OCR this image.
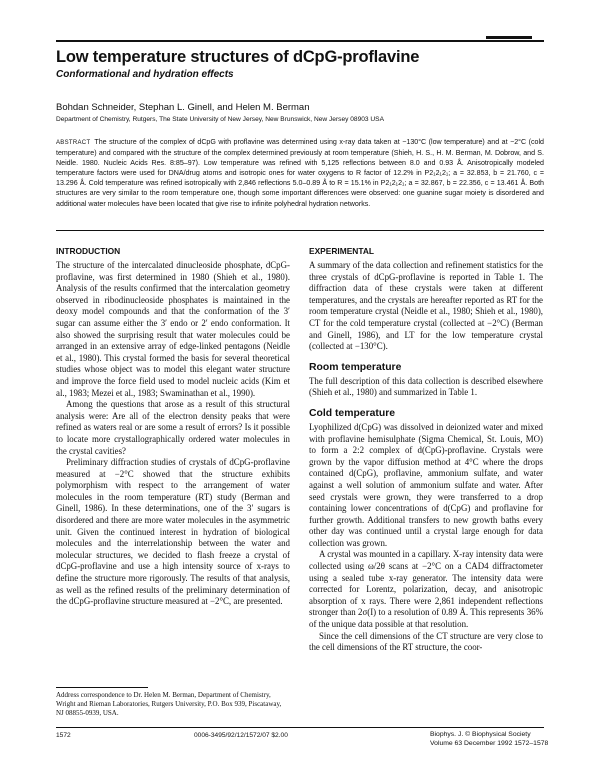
Low temperature structures of dCpG-proflavine
Conformational and hydration effects
Bohdan Schneider, Stephan L. Ginell, and Helen M. Berman
Department of Chemistry, Rutgers, The State University of New Jersey, New Brunswick, New Jersey 08903 USA
ABSTRACT The structure of the complex of dCpG with proflavine was determined using x-ray data taken at −130°C (low temperature) and at −2°C (cold temperature) and compared with the structure of the complex determined previously at room temperature (Shieh, H. S., H. M. Berman, M. Dobrow, and S. Neidle. 1980. Nucleic Acids Res. 8:85–97). Low temperature was refined with 5,125 reflections between 8.0 and 0.93 Å. Anisotropically modeled temperature factors were used for DNA/drug atoms and isotropic ones for water oxygens to R factor of 12.2% in P2₁2₁2₁; a = 32.853, b = 21.760, c = 13.296 Å. Cold temperature was refined isotropically with 2,846 reflections 5.0–0.89 Å to R = 15.1% in P2₁2₁2₁; a = 32.867, b = 22.356, c = 13.461 Å. Both structures are very similar to the room temperature one, though some important differences were observed: one guanine sugar moiety is disordered and additional water molecules have been located that give rise to infinite polyhedral hydration networks.
INTRODUCTION

The structure of the intercalated dinucleoside phosphate, dCpG-proflavine, was first determined in 1980 (Shieh et al., 1980). Analysis of the results confirmed that the intercalation geometry observed in ribodinucleoside phosphates is maintained in the deoxy model compounds and that the conformation of the 3′ sugar can assume either the 3′ endo or 2′ endo conformation. It also showed the surprising result that water molecules could be arranged in an extensive array of edge-linked pentagons (Neidle et al., 1980). This crystal formed the basis for several theoretical studies whose object was to model this elegant water structure and improve the force field used to model nucleic acids (Kim et al., 1983; Mezei et al., 1983; Swaminathan et al., 1990).

Among the questions that arose as a result of this structural analysis were: Are all of the electron density peaks that were refined as waters real or are some a result of errors? Is it possible to locate more crystallographically ordered water molecules in the crystal cavities?

Preliminary diffraction studies of crystals of dCpG-proflavine measured at −2°C showed that the structure exhibits polymorphism with respect to the arrangement of water molecules in the room temperature (RT) study (Berman and Ginell, 1986). In these determinations, one of the 3′ sugars is disordered and there are more water molecules in the asymmetric unit. Given the continued interest in hydration of biological molecules and the interrelationship between the water and molecular structures, we decided to flash freeze a crystal of dCpG-proflavine and use a high intensity source of x-rays to define the structure more rigorously. The results of that analysis, as well as the refined results of the preliminary determination of the dCpG-proflavine structure measured at −2°C, are presented.

Address correspondence to Dr. Helen M. Berman, Department of Chemistry, Wright and Rieman Laboratories, Rutgers University, P.O. Box 939, Piscataway, NJ 08855-0939, USA.
EXPERIMENTAL

A summary of the data collection and refinement statistics for the three crystals of dCpG-proflavine is reported in Table 1. The diffraction data of these crystals were taken at different temperatures, and the crystals are hereafter reported as RT for the room temperature crystal (Neidle et al., 1980; Shieh et al., 1980), CT for the cold temperature crystal (collected at −2°C) (Berman and Ginell, 1986), and LT for the low temperature crystal (collected at −130°C).

Room temperature

The full description of this data collection is described elsewhere (Shieh et al., 1980) and summarized in Table 1.

Cold temperature

Lyophilized d(CpG) was dissolved in deionized water and mixed with proflavine hemisulphate (Sigma Chemical, St. Louis, MO) to form a 2:2 complex of d(CpG)-proflavine. Crystals were grown by the vapor diffusion method at 4°C where the drops contained d(CpG), proflavine, ammonium sulfate, and water against a well solution of ammonium sulfate and water. After seed crystals were grown, they were transferred to a drop containing lower concentrations of d(CpG) and proflavine for further growth. Additional transfers to new growth baths every other day was continued until a crystal large enough for data collection was grown.

A crystal was mounted in a capillary. X-ray intensity data were collected using ω/2θ scans at −2°C on a CAD4 diffractometer using a sealed tube x-ray generator. The intensity data were corrected for Lorentz, polarization, decay, and anisotropic absorption of x rays. There were 2,861 independent reflections stronger than 2σ(I) to a resolution of 0.89 Å. This represents 36% of the unique data possible at that resolution.

Since the cell dimensions of the CT structure are very close to the cell dimensions of the RT structure, the coor-

1572	0006-3495/92/12/1572/07 $2.00	Biophys. J. © Biophysical Society
Volume 63 December 1992 1572–1578
